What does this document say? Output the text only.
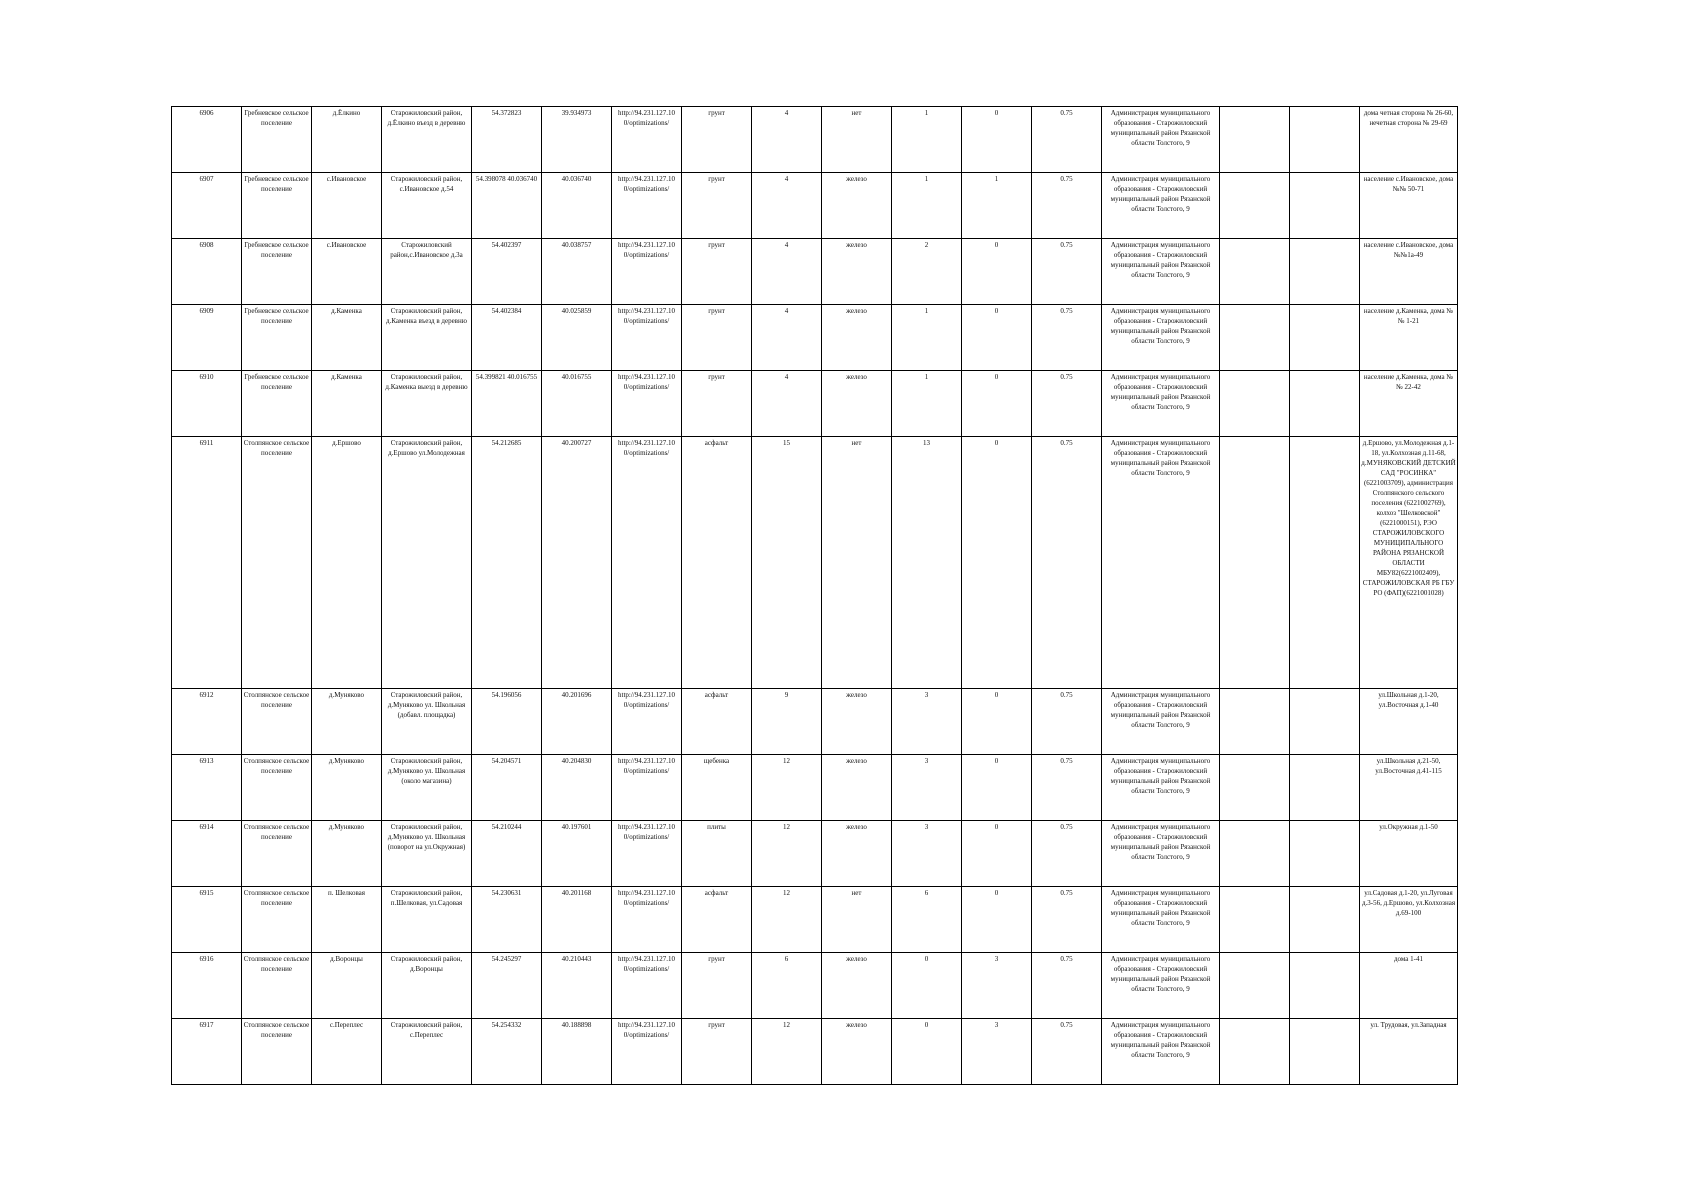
6906	Гребневское сельское поселение	д.Ёлкино	Старожиловский район, д.Ёлкино въезд в деревню	54.372823	39.934973	http://94.231.127.10 0/optimizations/	грунт	4	нет	1	0	0.75	Администрация муниципального образования - Старожиловский муниципальный район Рязанской области Толстого, 9			дома четная сторона № 26-60, нечетная сторона № 29-69
6907	Гребневское сельское поселение	с.Ивановское	Старожиловский район, с.Ивановское д.54	54.398078 40.036740	40.036740	http://94.231.127.10 0/optimizations/	грунт	4	железо	1	1	0.75	Администрация муниципального образования - Старожиловский муниципальный район Рязанской области Толстого, 9			население с.Ивановское, дома №№ 50-71
6908	Гребневское сельское поселение	с.Ивановское	Старожиловский район,с.Ивановское д.3а	54.402397	40.038757	http://94.231.127.10 0/optimizations/	грунт	4	железо	2	0	0.75	Администрация муниципального образования - Старожиловский муниципальный район Рязанской области Толстого, 9			население с.Ивановское, дома №№1а-49
6909	Гребневское сельское поселение	д.Каменка	Старожиловский район, д.Каменка въезд в деревню	54.402384	40.025859	http://94.231.127.10 0/optimizations/	грунт	4	железо	1	0	0.75	Администрация муниципального образования - Старожиловский муниципальный район Рязанской области Толстого, 9			население д.Каменка, дома №№ 1-21
6910	Гребневское сельское поселение	д.Каменка	Старожиловский район, д.Каменка выезд в деревню	54.399821 40.016755	40.016755	http://94.231.127.10 0/optimizations/	грунт	4	железо	1	0	0.75	Администрация муниципального образования - Старожиловский муниципальный район Рязанской области Толстого, 9			население д.Каменка, дома №№ 22-42
6911	Столпянское сельское поселение	д.Ершово	Старожиловский район, д.Ершово ул.Молодежная	54.212685	40.200727	http://94.231.127.10 0/optimizations/	асфальт	15	нет	13	0	0.75	Администрация муниципального образования - Старожиловский муниципальный район Рязанской области Толстого, 9			д.Ершово, ул.Молодежная д.1-18, ул.Колхозная д.11-68, д.МУНЯКОВСКИЙ ДЕТСКИЙ САД "РОСИНКА"(6221003709), администрация Столпянского сельского поселения (6221002769), колхоз "Шелковской"(6221000151), РЭО СТАРОЖИЛОВСКОГО МУНИЦИПАЛЬНОГО РАЙОНА РЯЗАНСКОЙ ОБЛАСТИ МБУ82(6221002409), СТАРОЖИЛОВСКАЯ РБ ГБУ РО (ФАП)(6221001028)
6912	Столпянское сельское поселение	д.Муняково	Старожиловский район, д.Муняково ул. Школьная (добавл. площадка)	54.196056	40.201696	http://94.231.127.10 0/optimizations/	асфальт	9	железо	3	0	0.75	Администрация муниципального образования - Старожиловский муниципальный район Рязанской области Толстого, 9			ул.Школьная д.1-20, ул.Восточная д.1-40
6913	Столпянское сельское поселение	д.Муняково	Старожиловский район, д.Муняково ул. Школьная (около магазина)	54.204571	40.204830	http://94.231.127.10 0/optimizations/	щебенка	12	железо	3	0	0.75	Администрация муниципального образования - Старожиловский муниципальный район Рязанской области Толстого, 9			ул.Школьная д.21-50, ул.Восточная д.41-115
6914	Столпянское сельское поселение	д.Муняково	Старожиловский район, д.Муняково ул. Школьная (поворот на ул.Окружная)	54.210244	40.197601	http://94.231.127.10 0/optimizations/	плиты	12	железо	3	0	0.75	Администрация муниципального образования - Старожиловский муниципальный район Рязанской области Толстого, 9			ул.Окружная д.1-50
6915	Столпянское сельское поселение	п. Шелковая	Старожиловский район, п.Шелковая, ул.Садовая	54.230631	40.201168	http://94.231.127.10 0/optimizations/	асфальт	12	нет	6	0	0.75	Администрация муниципального образования - Старожиловский муниципальный район Рязанской области Толстого, 9			ул.Садовая д.1-20, ул.Луговая д.3-56, д.Ершово, ул.Колхозная д.69-100
6916	Столпянское сельское поселение	д.Воронцы	Старожиловский район, д.Воронцы	54.245297	40.210443	http://94.231.127.10 0/optimizations/	грунт	6	железо	0	3	0.75	Администрация муниципального образования - Старожиловский муниципальный район Рязанской области Толстого, 9			дома 1-41
6917	Столпянское сельское поселение	с.Переплес	Старожиловский район, с.Переплес	54.254332	40.188898	http://94.231.127.10 0/optimizations/	грунт	12	железо	0	3	0.75	Администрация муниципального образования - Старожиловский муниципальный район Рязанской области Толстого, 9			ул. Трудовая, ул.Западная
